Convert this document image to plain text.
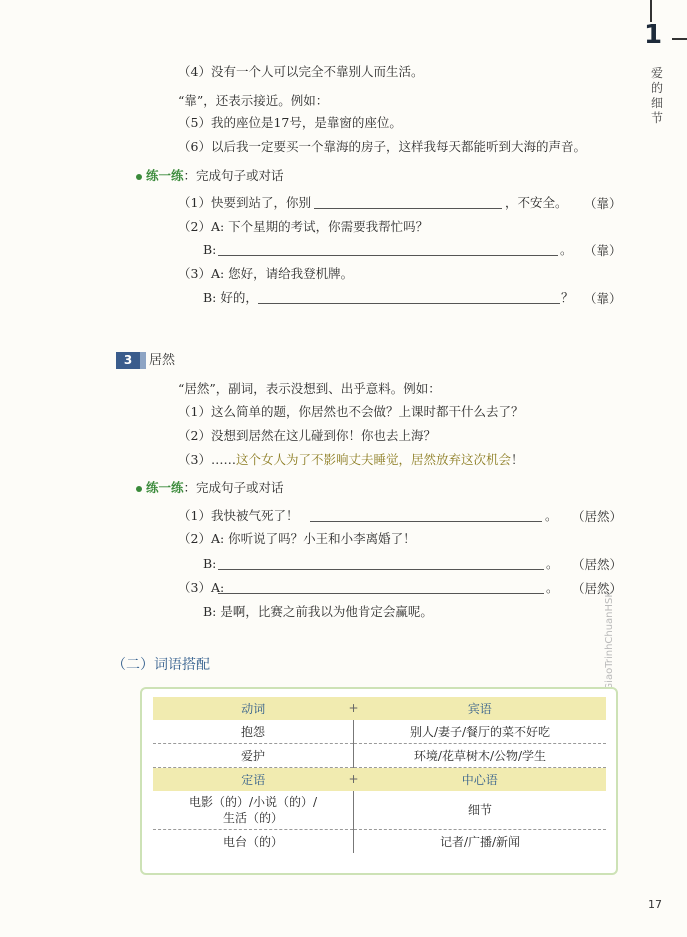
1
爱的细节
17
（4）没有一个人可以完全不靠别人而生活。
“靠”，还表示接近。例如：
（5）我的座位是17号，是靠窗的座位。
（6）以后我一定要买一个靠海的房子，这样我每天都能听到大海的声音。
练一练：完成句子或对话
（1）快要到站了，你别	，不安全。 （靠）
（2）A: 下个星期的考试，你需要我帮忙吗？
B:	。 （靠）
（3）A: 您好，请给我登机牌。
B: 好的，	？ （靠）
3	居然
“居然”，副词，表示没想到、出乎意料。例如：
（1）这么简单的题，你居然也不会做？上课时都干什么去了？
（2）没想到居然在这儿碰到你！你也去上海？
（3）……这个女人为了不影响丈夫睡觉，居然放弃这次机会！
练一练：完成句子或对话
（1）我快被气死了！	。 （居然）
（2）A: 你听说了吗？小王和小李离婚了！
B:	。 （居然）
（3）A:	。 （居然）
B: 是啊，比赛之前我以为他肯定会赢呢。
（二）词语搭配
动词 +	宾语
抱怨	别人/妻子/餐厅的菜不好吃
爱护	环境/花草树木/公物/学生
定语 +	中心语
电影（的）/小说（的）/
生活（的）	细节
电台（的）	记者/广播/新闻
